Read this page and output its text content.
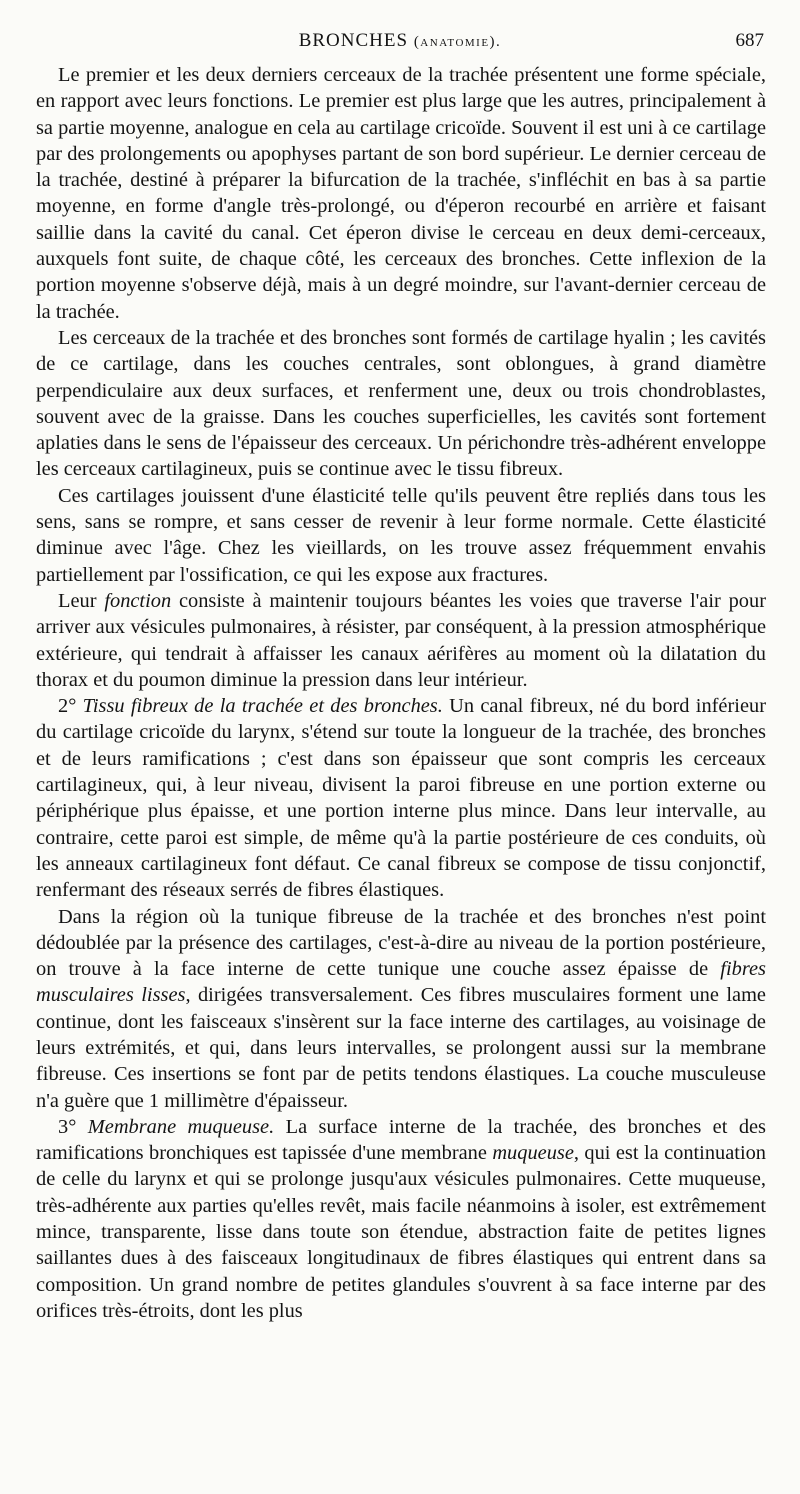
BRONCHES (anatomie).	687

Le premier et les deux derniers cerceaux de la trachée présentent une forme spéciale, en rapport avec leurs fonctions. Le premier est plus large que les autres, principalement à sa partie moyenne, analogue en cela au cartilage cricoïde. Souvent il est uni à ce cartilage par des prolongements ou apophyses partant de son bord supérieur. Le dernier cerceau de la trachée, destiné à préparer la bifurcation de la trachée, s'infléchit en bas à sa partie moyenne, en forme d'angle très-prolongé, ou d'éperon recourbé en arrière et faisant saillie dans la cavité du canal. Cet éperon divise le cerceau en deux demi-cerceaux, auxquels font suite, de chaque côté, les cerceaux des bronches. Cette inflexion de la portion moyenne s'observe déjà, mais à un degré moindre, sur l'avant-dernier cerceau de la trachée.

Les cerceaux de la trachée et des bronches sont formés de cartilage hyalin ; les cavités de ce cartilage, dans les couches centrales, sont oblongues, à grand diamètre perpendiculaire aux deux surfaces, et renferment une, deux ou trois chondroblastes, souvent avec de la graisse. Dans les couches superficielles, les cavités sont fortement aplaties dans le sens de l'épaisseur des cerceaux. Un périchondre très-adhérent enveloppe les cerceaux cartilagineux, puis se continue avec le tissu fibreux.

Ces cartilages jouissent d'une élasticité telle qu'ils peuvent être repliés dans tous les sens, sans se rompre, et sans cesser de revenir à leur forme normale. Cette élasticité diminue avec l'âge. Chez les vieillards, on les trouve assez fréquemment envahis partiellement par l'ossification, ce qui les expose aux fractures.

Leur fonction consiste à maintenir toujours béantes les voies que traverse l'air pour arriver aux vésicules pulmonaires, à résister, par conséquent, à la pression atmosphérique extérieure, qui tendrait à affaisser les canaux aérifères au moment où la dilatation du thorax et du poumon diminue la pression dans leur intérieur.

2° Tissu fibreux de la trachée et des bronches. Un canal fibreux, né du bord inférieur du cartilage cricoïde du larynx, s'étend sur toute la longueur de la trachée, des bronches et de leurs ramifications ; c'est dans son épaisseur que sont compris les cerceaux cartilagineux, qui, à leur niveau, divisent la paroi fibreuse en une portion externe ou périphérique plus épaisse, et une portion interne plus mince. Dans leur intervalle, au contraire, cette paroi est simple, de même qu'à la partie postérieure de ces conduits, où les anneaux cartilagineux font défaut. Ce canal fibreux se compose de tissu conjonctif, renfermant des réseaux serrés de fibres élastiques.

Dans la région où la tunique fibreuse de la trachée et des bronches n'est point dédoublée par la présence des cartilages, c'est-à-dire au niveau de la portion postérieure, on trouve à la face interne de cette tunique une couche assez épaisse de fibres musculaires lisses, dirigées transversalement. Ces fibres musculaires forment une lame continue, dont les faisceaux s'insèrent sur la face interne des cartilages, au voisinage de leurs extrémités, et qui, dans leurs intervalles, se prolongent aussi sur la membrane fibreuse. Ces insertions se font par de petits tendons élastiques. La couche musculeuse n'a guère que 1 millimètre d'épaisseur.

3° Membrane muqueuse. La surface interne de la trachée, des bronches et des ramifications bronchiques est tapissée d'une membrane muqueuse, qui est la continuation de celle du larynx et qui se prolonge jusqu'aux vésicules pulmonaires. Cette muqueuse, très-adhérente aux parties qu'elles revêt, mais facile néanmoins à isoler, est extrêmement mince, transparente, lisse dans toute son étendue, abstraction faite de petites lignes saillantes dues à des faisceaux longitudinaux de fibres élastiques qui entrent dans sa composition. Un grand nombre de petites glandules s'ouvrent à sa face interne par des orifices très-étroits, dont les plus
